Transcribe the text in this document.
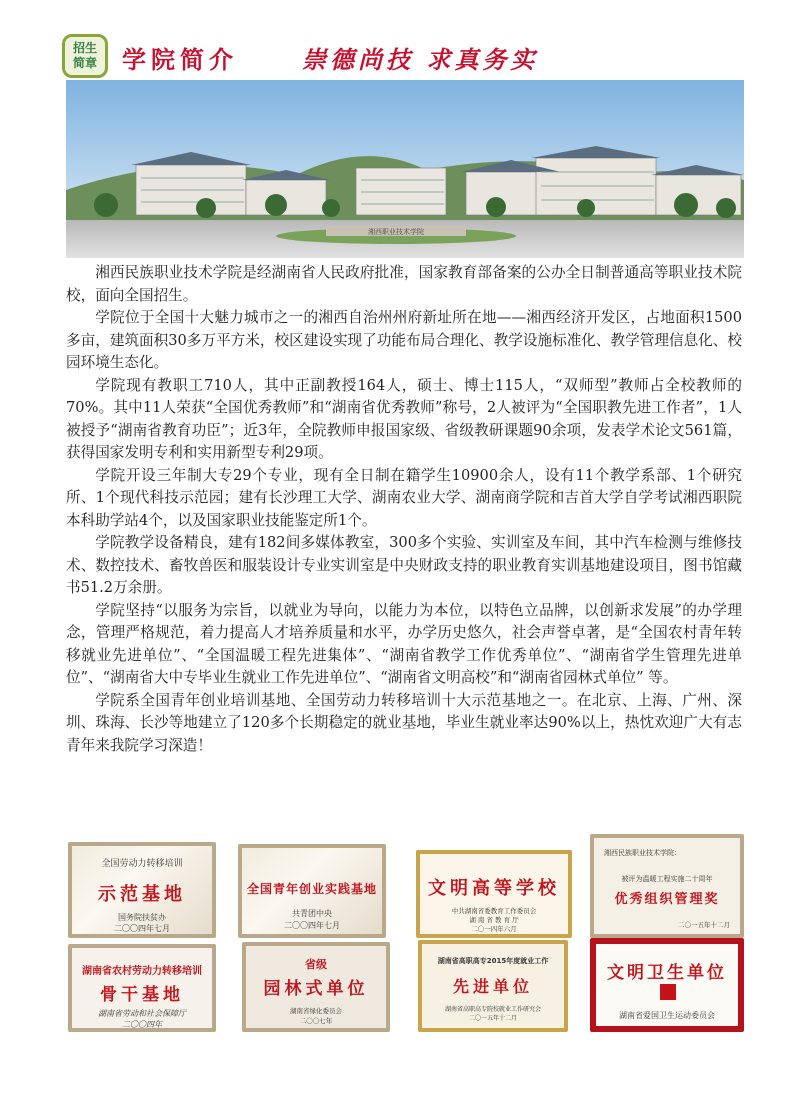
招生
简章	学院简介	崇德尚技 求真务实
湘西职业技术学院

湘西民族职业技术学院是经湖南省人民政府批准，国家教育部备案的公办全日制普通高等职业技术院校，面向全国招生。

学院位于全国十大魅力城市之一的湘西自治州州府新址所在地——湘西经济开发区，占地面积1500多亩，建筑面积30多万平方米，校区建设实现了功能布局合理化、教学设施标准化、教学管理信息化、校园环境生态化。

学院现有教职工710人，其中正副教授164人，硕士、博士115人，“双师型”教师占全校教师的70%。其中11人荣获“全国优秀教师”和“湖南省优秀教师”称号，2人被评为“全国职教先进工作者”，1人被授予“湖南省教育功臣”；近3年，全院教师申报国家级、省级教研课题90余项，发表学术论文561篇，获得国家发明专利和实用新型专利29项。

学院开设三年制大专29个专业，现有全日制在籍学生10900余人，设有11个教学系部、1个研究所、1个现代科技示范园；建有长沙理工大学、湖南农业大学、湖南商学院和吉首大学自学考试湘西职院本科助学站4个，以及国家职业技能鉴定所1个。

学院教学设备精良，建有182间多媒体教室，300多个实验、实训室及车间，其中汽车检测与维修技术、数控技术、畜牧兽医和服装设计专业实训室是中央财政支持的职业教育实训基地建设项目，图书馆藏书51.2万余册。

学院坚持“以服务为宗旨，以就业为导向，以能力为本位，以特色立品牌，以创新求发展”的办学理念，管理严格规范，着力提高人才培养质量和水平，办学历史悠久，社会声誉卓著，是“全国农村青年转移就业先进单位”、“全国温暖工程先进集体”、“湖南省教学工作优秀单位”、“湖南省学生管理先进单位”、“湖南省大中专毕业生就业工作先进单位”、“湖南省文明高校”和“湖南省园林式单位” 等。

学院系全国青年创业培训基地、全国劳动力转移培训十大示范基地之一。在北京、上海、广州、深圳、珠海、长沙等地建立了120多个长期稳定的就业基地，毕业生就业率达90%以上，热忱欢迎广大有志青年来我院学习深造！

全国劳动力转移培训
示范基地
国务院扶贫办
二〇〇四年七月
全国青年创业实践基地
共青团中央
二〇〇四年七月
文明高等学校
中共湖南省委教育工作委员会
湖 南 省 教 育 厅
二〇一四年六月
湘西民族职业技术学院：
被评为温暖工程实施二十周年
优秀组织管理奖
二〇一五年十二月
湖南省农村劳动力转移培训
骨干基地
湖南省劳动和社会保障厅
二〇〇四年
省级
园林式单位
湖南省绿化委员会
二〇〇七年
湖南省高职高专2015年度就业工作
先进单位
湖南省高职高专院校就业工作研究会
二〇一五年十二月
文明卫生单位
湖南省爱国卫生运动委员会
